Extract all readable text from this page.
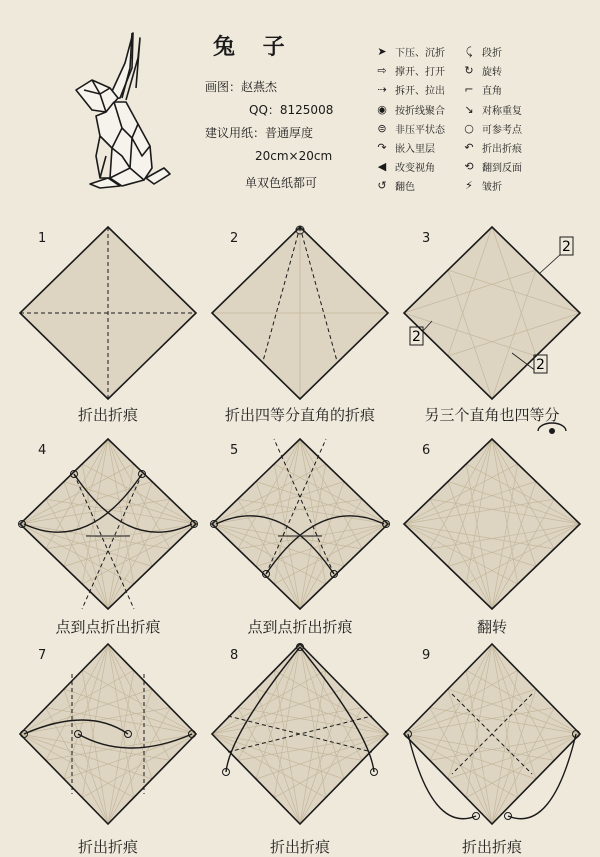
兔 子
画图：赵燕杰
QQ：8125008
建议用纸：普通厚度
20cm×20cm
单双色纸都可
➤ 下压、沉折	⤹ 段折
⇨ 撑开、打开 ↻ 旋转
⇢ 拆开、拉出 ⌐ 直角
◉ 按折线聚合 ↘ 对称重复
⊜ 非压平状态 ○ 可参考点
↷ 嵌入里层	↶ 折出折痕
◀ 改变视角	⟲ 翻到反面
↺ 翻色	⚡ 皱折
1
折出折痕
2
折出四等分直角的折痕
3
2
2
2
另三个直角也四等分
4
点到点折出折痕
5
点到点折出折痕
6
翻转
7
折出折痕
8
折出折痕
9
折出折痕
